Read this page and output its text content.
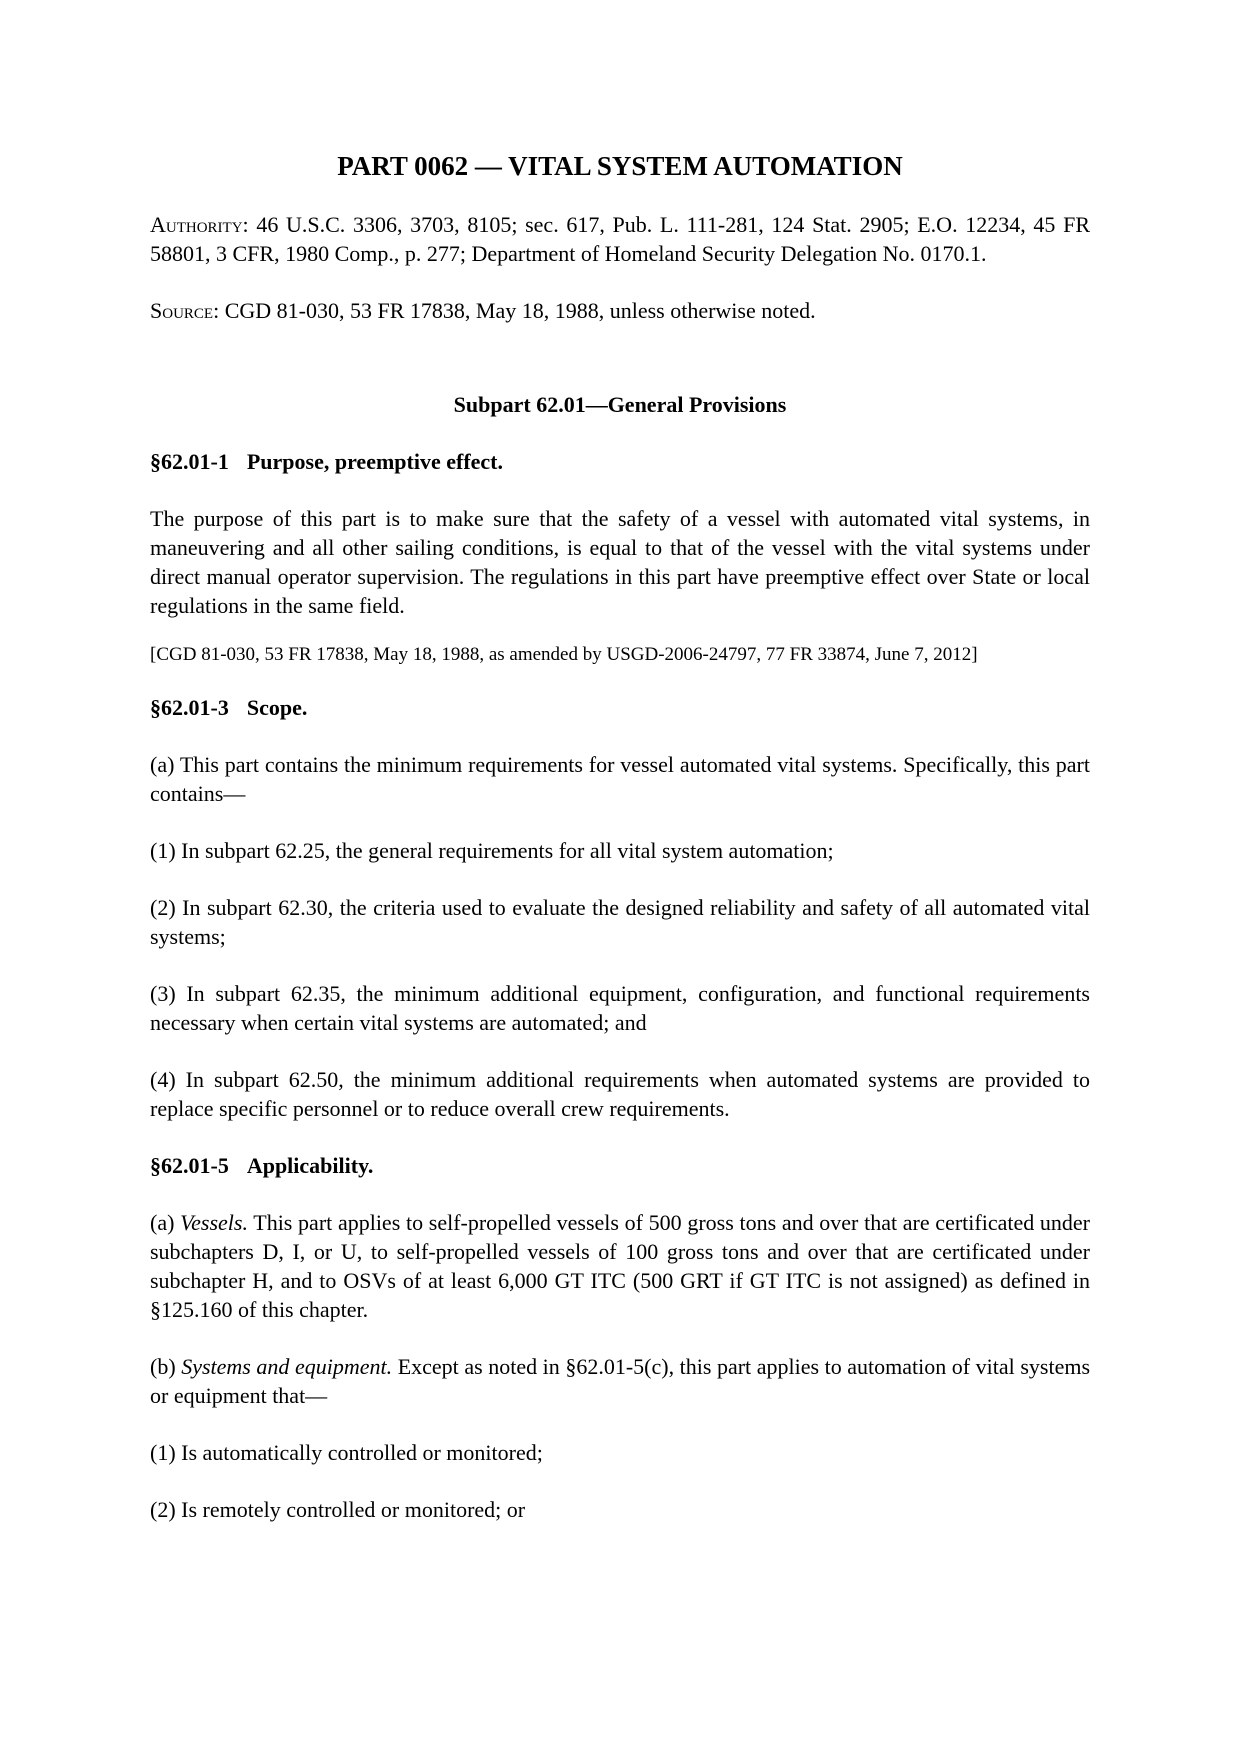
PART 0062 — VITAL SYSTEM AUTOMATION

Authority: 46 U.S.C. 3306, 3703, 8105; sec. 617, Pub. L. 111-281, 124 Stat. 2905; E.O. 12234, 45 FR 58801, 3 CFR, 1980 Comp., p. 277; Department of Homeland Security Delegation No. 0170.1.

Source: CGD 81-030, 53 FR 17838, May 18, 1988, unless otherwise noted.

Subpart 62.01—General Provisions
§62.01-1 Purpose, preemptive effect.

The purpose of this part is to make sure that the safety of a vessel with automated vital systems, in maneuvering and all other sailing conditions, is equal to that of the vessel with the vital systems under direct manual operator supervision. The regulations in this part have preemptive effect over State or local regulations in the same field.

[CGD 81-030, 53 FR 17838, May 18, 1988, as amended by USGD-2006-24797, 77 FR 33874, June 7, 2012]

§62.01-3 Scope.

(a) This part contains the minimum requirements for vessel automated vital systems. Specifically, this part contains—

(1) In subpart 62.25, the general requirements for all vital system automation;

(2) In subpart 62.30, the criteria used to evaluate the designed reliability and safety of all automated vital systems;

(3) In subpart 62.35, the minimum additional equipment, configuration, and functional requirements necessary when certain vital systems are automated; and

(4) In subpart 62.50, the minimum additional requirements when automated systems are provided to replace specific personnel or to reduce overall crew requirements.

§62.01-5 Applicability.

(a) Vessels. This part applies to self-propelled vessels of 500 gross tons and over that are certificated under subchapters D, I, or U, to self-propelled vessels of 100 gross tons and over that are certificated under subchapter H, and to OSVs of at least 6,000 GT ITC (500 GRT if GT ITC is not assigned) as defined in §125.160 of this chapter.

(b) Systems and equipment. Except as noted in §62.01-5(c), this part applies to automation of vital systems or equipment that—

(1) Is automatically controlled or monitored;

(2) Is remotely controlled or monitored; or
